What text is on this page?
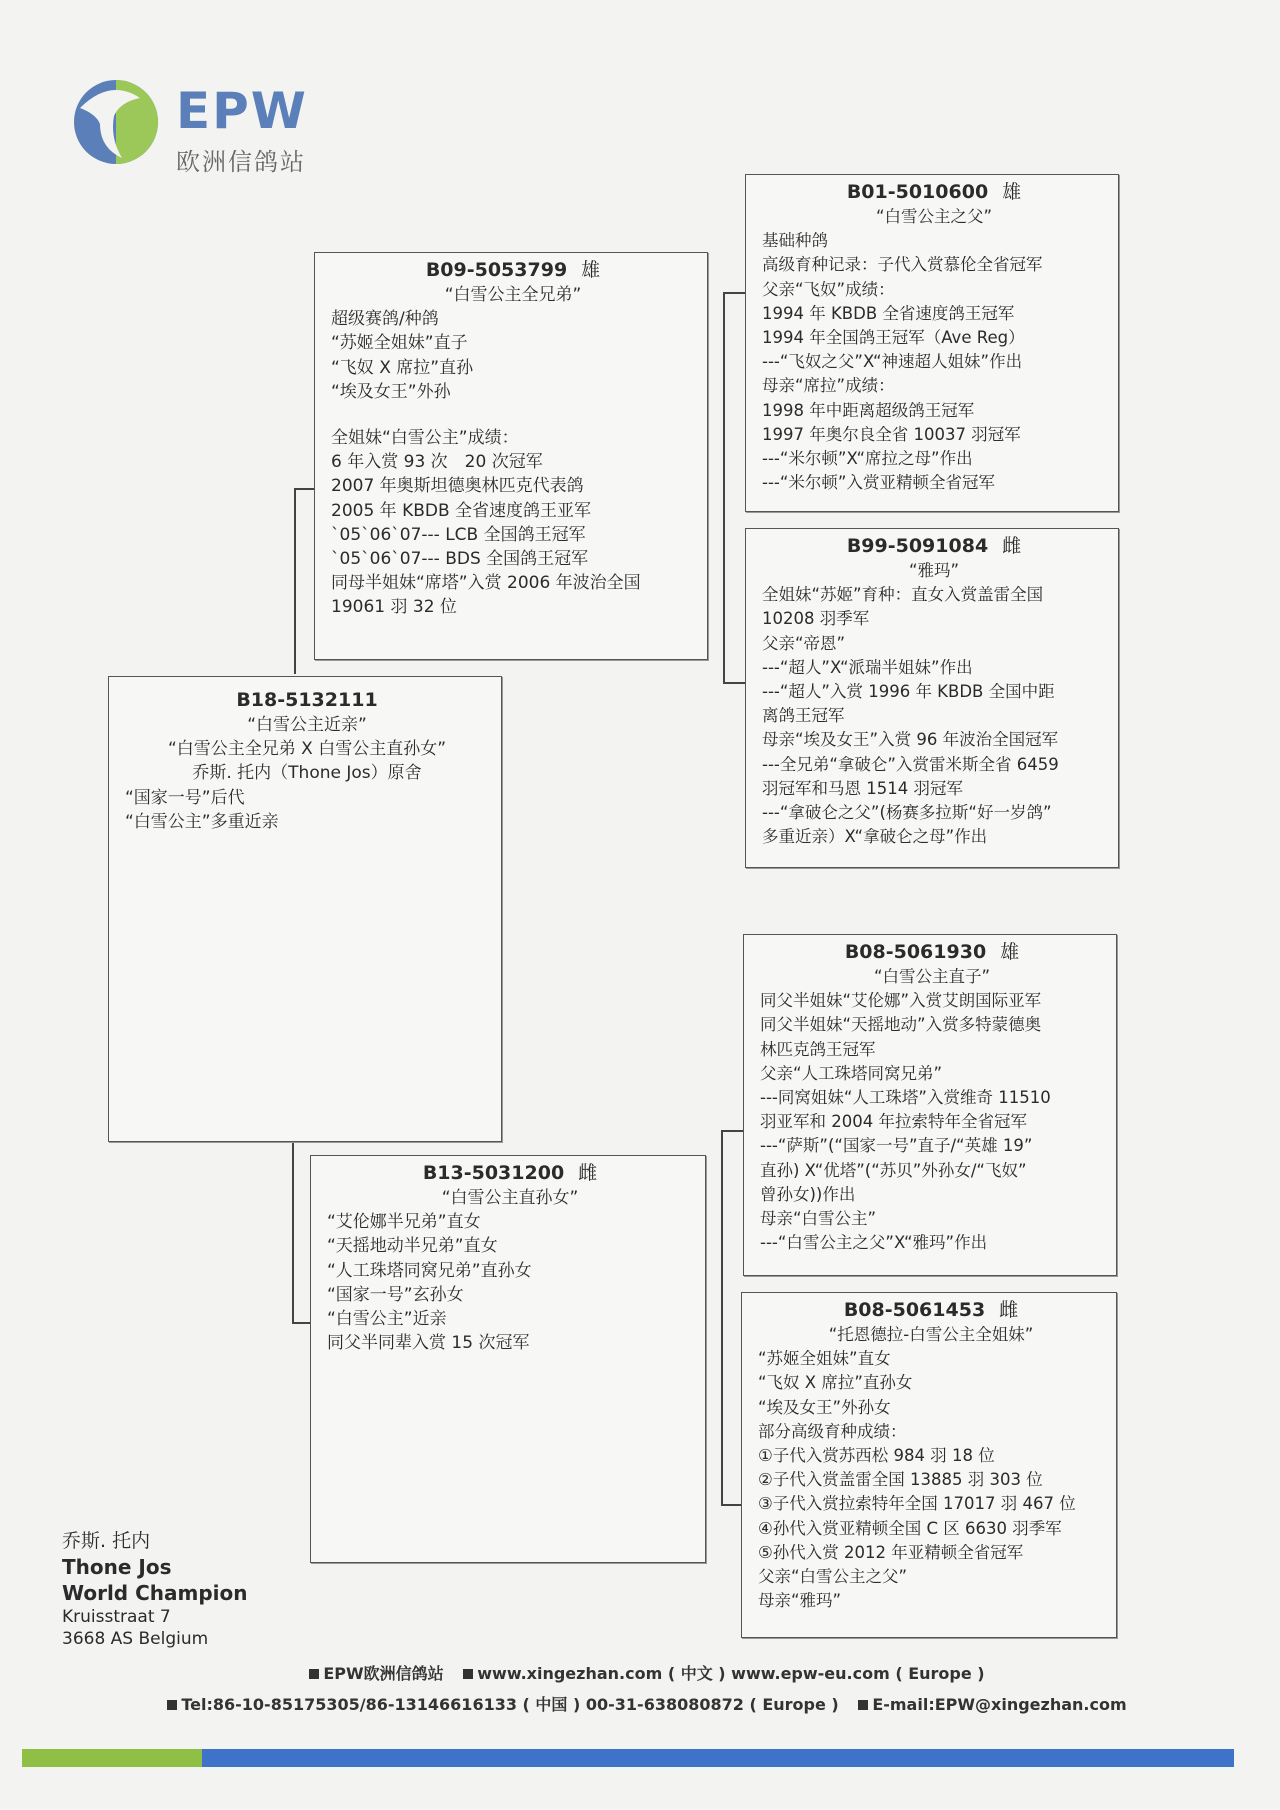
EPW
欧洲信鸽站
B18-5132111
“白雪公主近亲”
“白雪公主全兄弟 X 白雪公主直孙女”
乔斯. 托内（Thone Jos）原舍
“国家一号”后代
“白雪公主”多重近亲
B09-5053799 雄
“白雪公主全兄弟”
超级赛鸽/种鸽
“苏姬全姐妹”直子
“飞奴 X 席拉”直孙
“埃及女王”外孙
全姐妹“白雪公主”成绩：
6 年入赏 93 次　20 次冠军
2007 年奥斯坦德奥林匹克代表鸽
2005 年 KBDB 全省速度鸽王亚军
`05`06`07--- LCB 全国鸽王冠军
`05`06`07--- BDS 全国鸽王冠军
同母半姐妹“席塔”入赏 2006 年波治全国
19061 羽 32 位
B13-5031200 雌
“白雪公主直孙女”
“艾伦娜半兄弟”直女
“天摇地动半兄弟”直女
“人工珠塔同窝兄弟”直孙女
“国家一号”玄孙女
“白雪公主”近亲
同父半同辈入赏 15 次冠军
B01-5010600 雄
“白雪公主之父”
基础种鸽
高级育种记录：子代入赏慕伦全省冠军
父亲“飞奴”成绩：
1994 年 KBDB 全省速度鸽王冠军
1994 年全国鸽王冠军（Ave Reg）
---“飞奴之父”X“神速超人姐妹”作出
母亲“席拉”成绩：
1998 年中距离超级鸽王冠军
1997 年奥尔良全省 10037 羽冠军
---“米尔顿”X“席拉之母”作出
---“米尔顿”入赏亚精顿全省冠军
B99-5091084 雌
“雅玛”
全姐妹“苏姬”育种：直女入赏盖雷全国
10208 羽季军
父亲“帝恩”
---“超人”X“派瑞半姐妹”作出
---“超人”入赏 1996 年 KBDB 全国中距
离鸽王冠军
母亲“埃及女王”入赏 96 年波治全国冠军
---全兄弟“拿破仑”入赏雷米斯全省 6459
羽冠军和马恩 1514 羽冠军
---“拿破仑之父”(杨赛多拉斯“好一岁鸽”
多重近亲）X“拿破仑之母”作出
B08-5061930 雄
“白雪公主直子”
同父半姐妹“艾伦娜”入赏艾朗国际亚军
同父半姐妹“天摇地动”入赏多特蒙德奥
林匹克鸽王冠军
父亲“人工珠塔同窝兄弟”
---同窝姐妹“人工珠塔”入赏维奇 11510
羽亚军和 2004 年拉索特年全省冠军
---“萨斯”(“国家一号”直子/“英雄 19”
直孙) X“优塔”(“苏贝”外孙女/“飞奴”
曾孙女))作出
母亲“白雪公主”
---“白雪公主之父”X“雅玛”作出
B08-5061453 雌
“托恩德拉-白雪公主全姐妹”
“苏姬全姐妹”直女
“飞奴 X 席拉”直孙女
“埃及女王”外孙女
部分高级育种成绩：
①子代入赏苏西松 984 羽 18 位
②子代入赏盖雷全国 13885 羽 303 位
③子代入赏拉索特年全国 17017 羽 467 位
④孙代入赏亚精顿全国 C 区 6630 羽季军
⑤孙代入赏 2012 年亚精顿全省冠军
父亲“白雪公主之父”
母亲“雅玛”
乔斯. 托内
Thone Jos
World Champion
Kruisstraat 7
3668 AS Belgium
EPW欧洲信鸽站 www.xingezhan.com ( 中文 ) www.epw-eu.com ( Europe )
Tel:86-10-85175305/86-13146616133 ( 中国 ) 00-31-638080872 ( Europe ) E-mail:EPW@xingezhan.com
